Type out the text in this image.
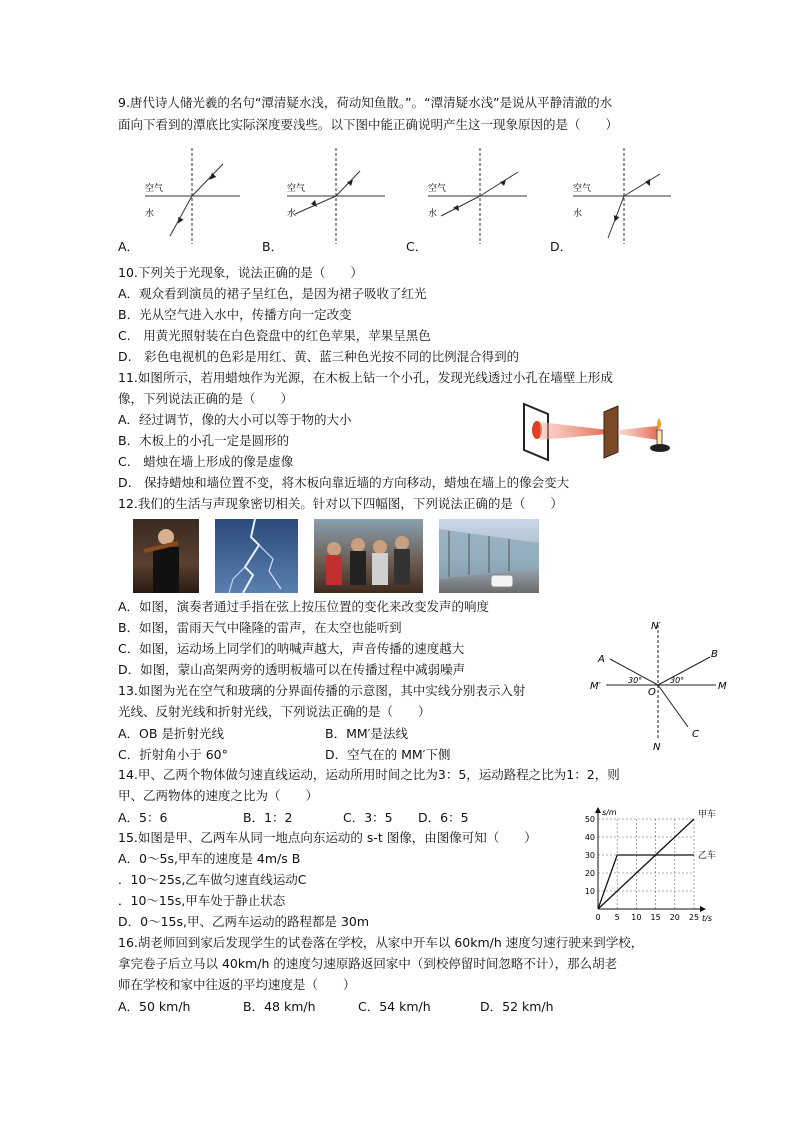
9.唐代诗人储光羲的名句“潭清疑水浅，荷动知鱼散。”。“潭清疑水浅”是说从平静清澈的水
面向下看到的潭底比实际深度要浅些。以下图中能正确说明产生这一现象原因的是（　　）
空气
水
空气
水
空气
水
空气
水
A．	B．	C．	D．
10.下列关于光现象，说法正确的是（　　）
A．观众看到演员的裙子呈红色，是因为裙子吸收了红光
B．光从空气进入水中，传播方向一定改变
C.　用黄光照射装在白色瓷盘中的红色苹果，苹果呈黑色
D.　彩色电视机的色彩是用红、黄、蓝三种色光按不同的比例混合得到的
11.如图所示，若用蜡烛作为光源，在木板上钻一个小孔，发现光线透过小孔在墙壁上形成
像，下列说法正确的是（　　）
A．经过调节，像的大小可以等于物的大小
B．木板上的小孔一定是圆形的
C.　蜡烛在墙上形成的像是虚像
D.　保持蜡烛和墙位置不变，将木板向靠近墙的方向移动，蜡烛在墙上的像会变大
12.我们的生活与声现象密切相关。针对以下四幅图，下列说法正确的是（　　）
A．如图，演奏者通过手指在弦上按压位置的变化来改变发声的响度
B．如图，雷雨天气中隆隆的雷声，在太空也能听到
C．如图，运动场上同学们的呐喊声越大，声音传播的速度越大
D．如图，蒙山高架两旁的透明板墙可以在传播过程中减弱噪声
13.如图为光在空气和玻璃的分界面传播的示意图，其中实线分别表示入射
光线、反射光线和折射光线，下列说法正确的是（　　）
A．OB 是折射光线	B．MM′是法线
C．折射角小于 60°	D．空气在的 MM′下侧
N′
N
A	B
C
O
M′	M
30°	30°
14.甲、乙两个物体做匀速直线运动，运动所用时间之比为3：5，运动路程之比为1：2，则
甲、乙两物体的速度之比为（　　）
A．5：6	B．1：2	C．3：5 D．6：5
15.如图是甲、乙两车从同一地点向东运动的 s-t 图像，由图像可知（　　）
A．0～5s,甲车的速度是 4m/s B
．10～25s,乙车做匀速直线运动C
．10～15s,甲车处于静止状态
D．0～15s,甲、乙两车运动的路程都是 30m	0 5 10 15 20 25
10
20
30
40
50
t/s
s/m	甲车
乙车
16.胡老师回到家后发现学生的试卷落在学校，从家中开车以 60km/h 速度匀速行驶来到学校，
拿完卷子后立马以 40km/h 的速度匀速原路返回家中（到校停留时间忽略不计），那么胡老
师在学校和家中往返的平均速度是（　　）
A．50 km/h	B．48 km/h	C．54 km/h	D．52 km/h
